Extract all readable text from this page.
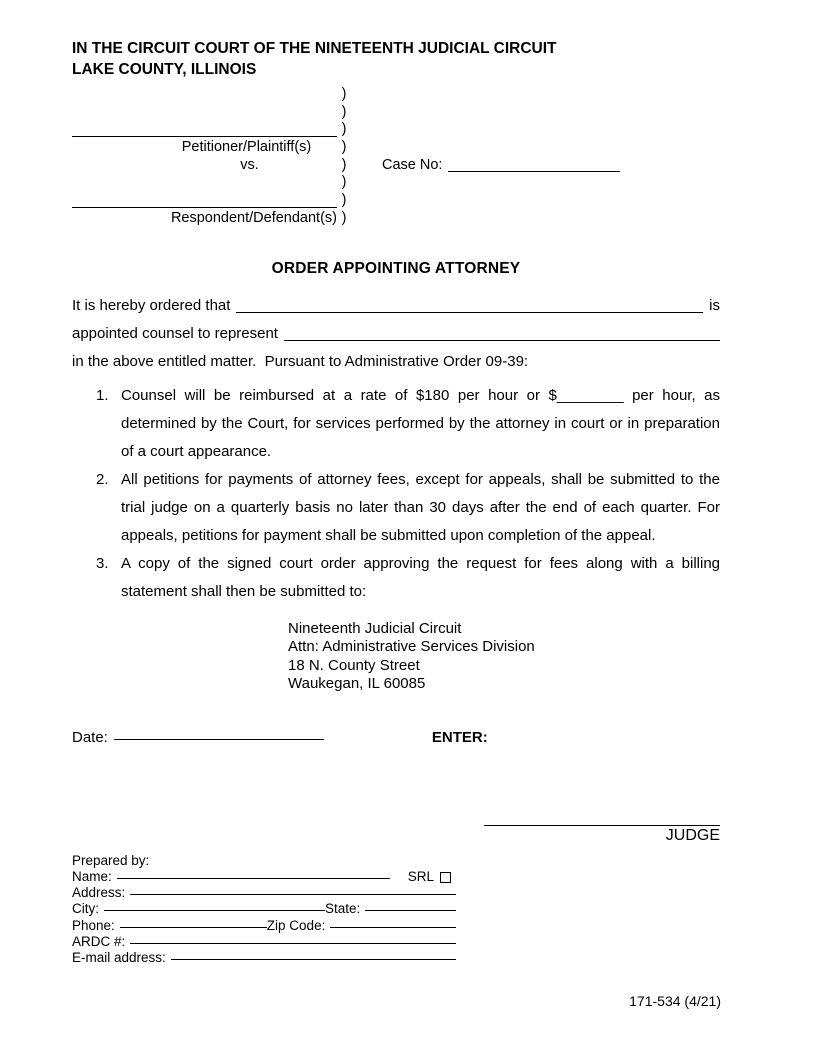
IN THE CIRCUIT COURT OF THE NINETEENTH JUDICIAL CIRCUIT
LAKE COUNTY, ILLINOIS
)
)
)
Petitioner/Plaintiff(s)	)
vs.	)	Case No:
)
)
Respondent/Defendant(s) )
ORDER APPOINTING ATTORNEY
It is hereby ordered that	is
appointed counsel to represent
in the above entitled matter.  Pursuant to Administrative Order 09-39:
1. Counsel will be reimbursed at a rate of $180 per hour or $________ per hour, as determined by the Court, for services performed by the attorney in court or in preparation of a court appearance.
2. All petitions for payments of attorney fees, except for appeals, shall be submitted to the trial judge on a quarterly basis no later than 30 days after the end of each quarter. For appeals, petitions for payment shall be submitted upon completion of the appeal.
3. A copy of the signed court order approving the request for fees along with a billing statement shall then be submitted to:
Nineteenth Judicial Circuit
Attn: Administrative Services Division
18 N. County Street
Waukegan, IL 60085
Date:	ENTER:
JUDGE
Prepared by:
Name:	SRL
Address:
City:	State:
Phone:	Zip Code:
ARDC #:
E-mail address:
171-534 (4/21)
